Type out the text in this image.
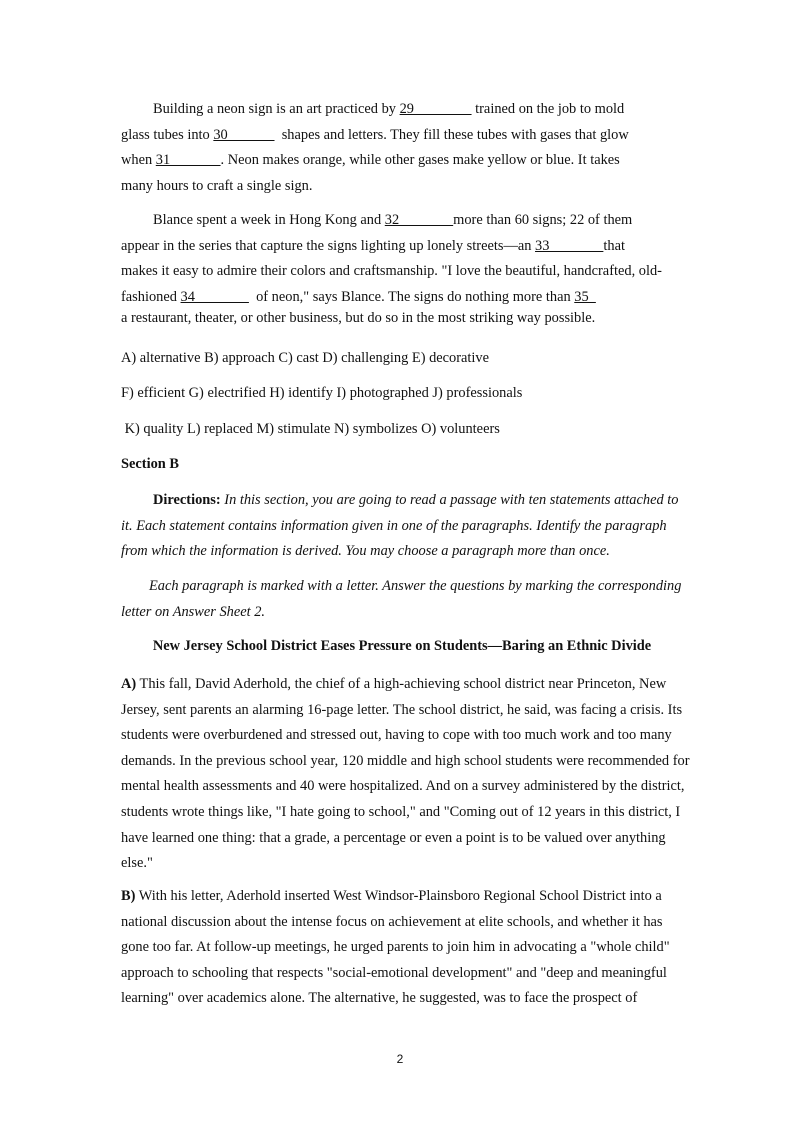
Building a neon sign is an art practiced by 29                 trained on the job to mold
glass tubes into 30               shapes and letters. They fill these tubes with gases that glow
when 31              . Neon makes orange, while other gases make yellow or blue. It takes
many hours to craft a single sign.
Blance spent a week in Hong Kong and 32               more than 60 signs; 22 of them
appear in the series that capture the signs lighting up lonely streets—an 33               that
makes it easy to admire their colors and craftsmanship. "I love the beautiful, handcrafted, old-
fashioned 34                 of neon," says Blance. The signs do nothing more than 35
a restaurant, theater, or other business, but do so in the most striking way possible.
A) alternative B) approach C) cast D) challenging E) decorative
F) efficient G) electrified H) identify I) photographed J) professionals
K) quality L) replaced M) stimulate N) symbolizes O) volunteers
Section B
Directions: In this section, you are going to read a passage with ten statements attached to
it. Each statement contains information given in one of the paragraphs. Identify the paragraph
from which the information is derived. You may choose a paragraph more than once.
Each paragraph is marked with a letter. Answer the questions by marking the corresponding
letter on Answer Sheet 2.
New Jersey School District Eases Pressure on Students—Baring an Ethnic Divide
A) This fall, David Aderhold, the chief of a high-achieving school district near Princeton, New
Jersey, sent parents an alarming 16-page letter. The school district, he said, was facing a crisis. Its
students were overburdened and stressed out, having to cope with too much work and too many
demands. In the previous school year, 120 middle and high school students were recommended for
mental health assessments and 40 were hospitalized. And on a survey administered by the district,
students wrote things like, "I hate going to school," and "Coming out of 12 years in this district, I
have learned one thing: that a grade, a percentage or even a point is to be valued over anything
else."
B) With his letter, Aderhold inserted West Windsor-Plainsboro Regional School District into a
national discussion about the intense focus on achievement at elite schools, and whether it has
gone too far. At follow-up meetings, he urged parents to join him in advocating a "whole child"
approach to schooling that respects "social-emotional development" and "deep and meaningful
learning" over academics alone. The alternative, he suggested, was to face the prospect of
2
